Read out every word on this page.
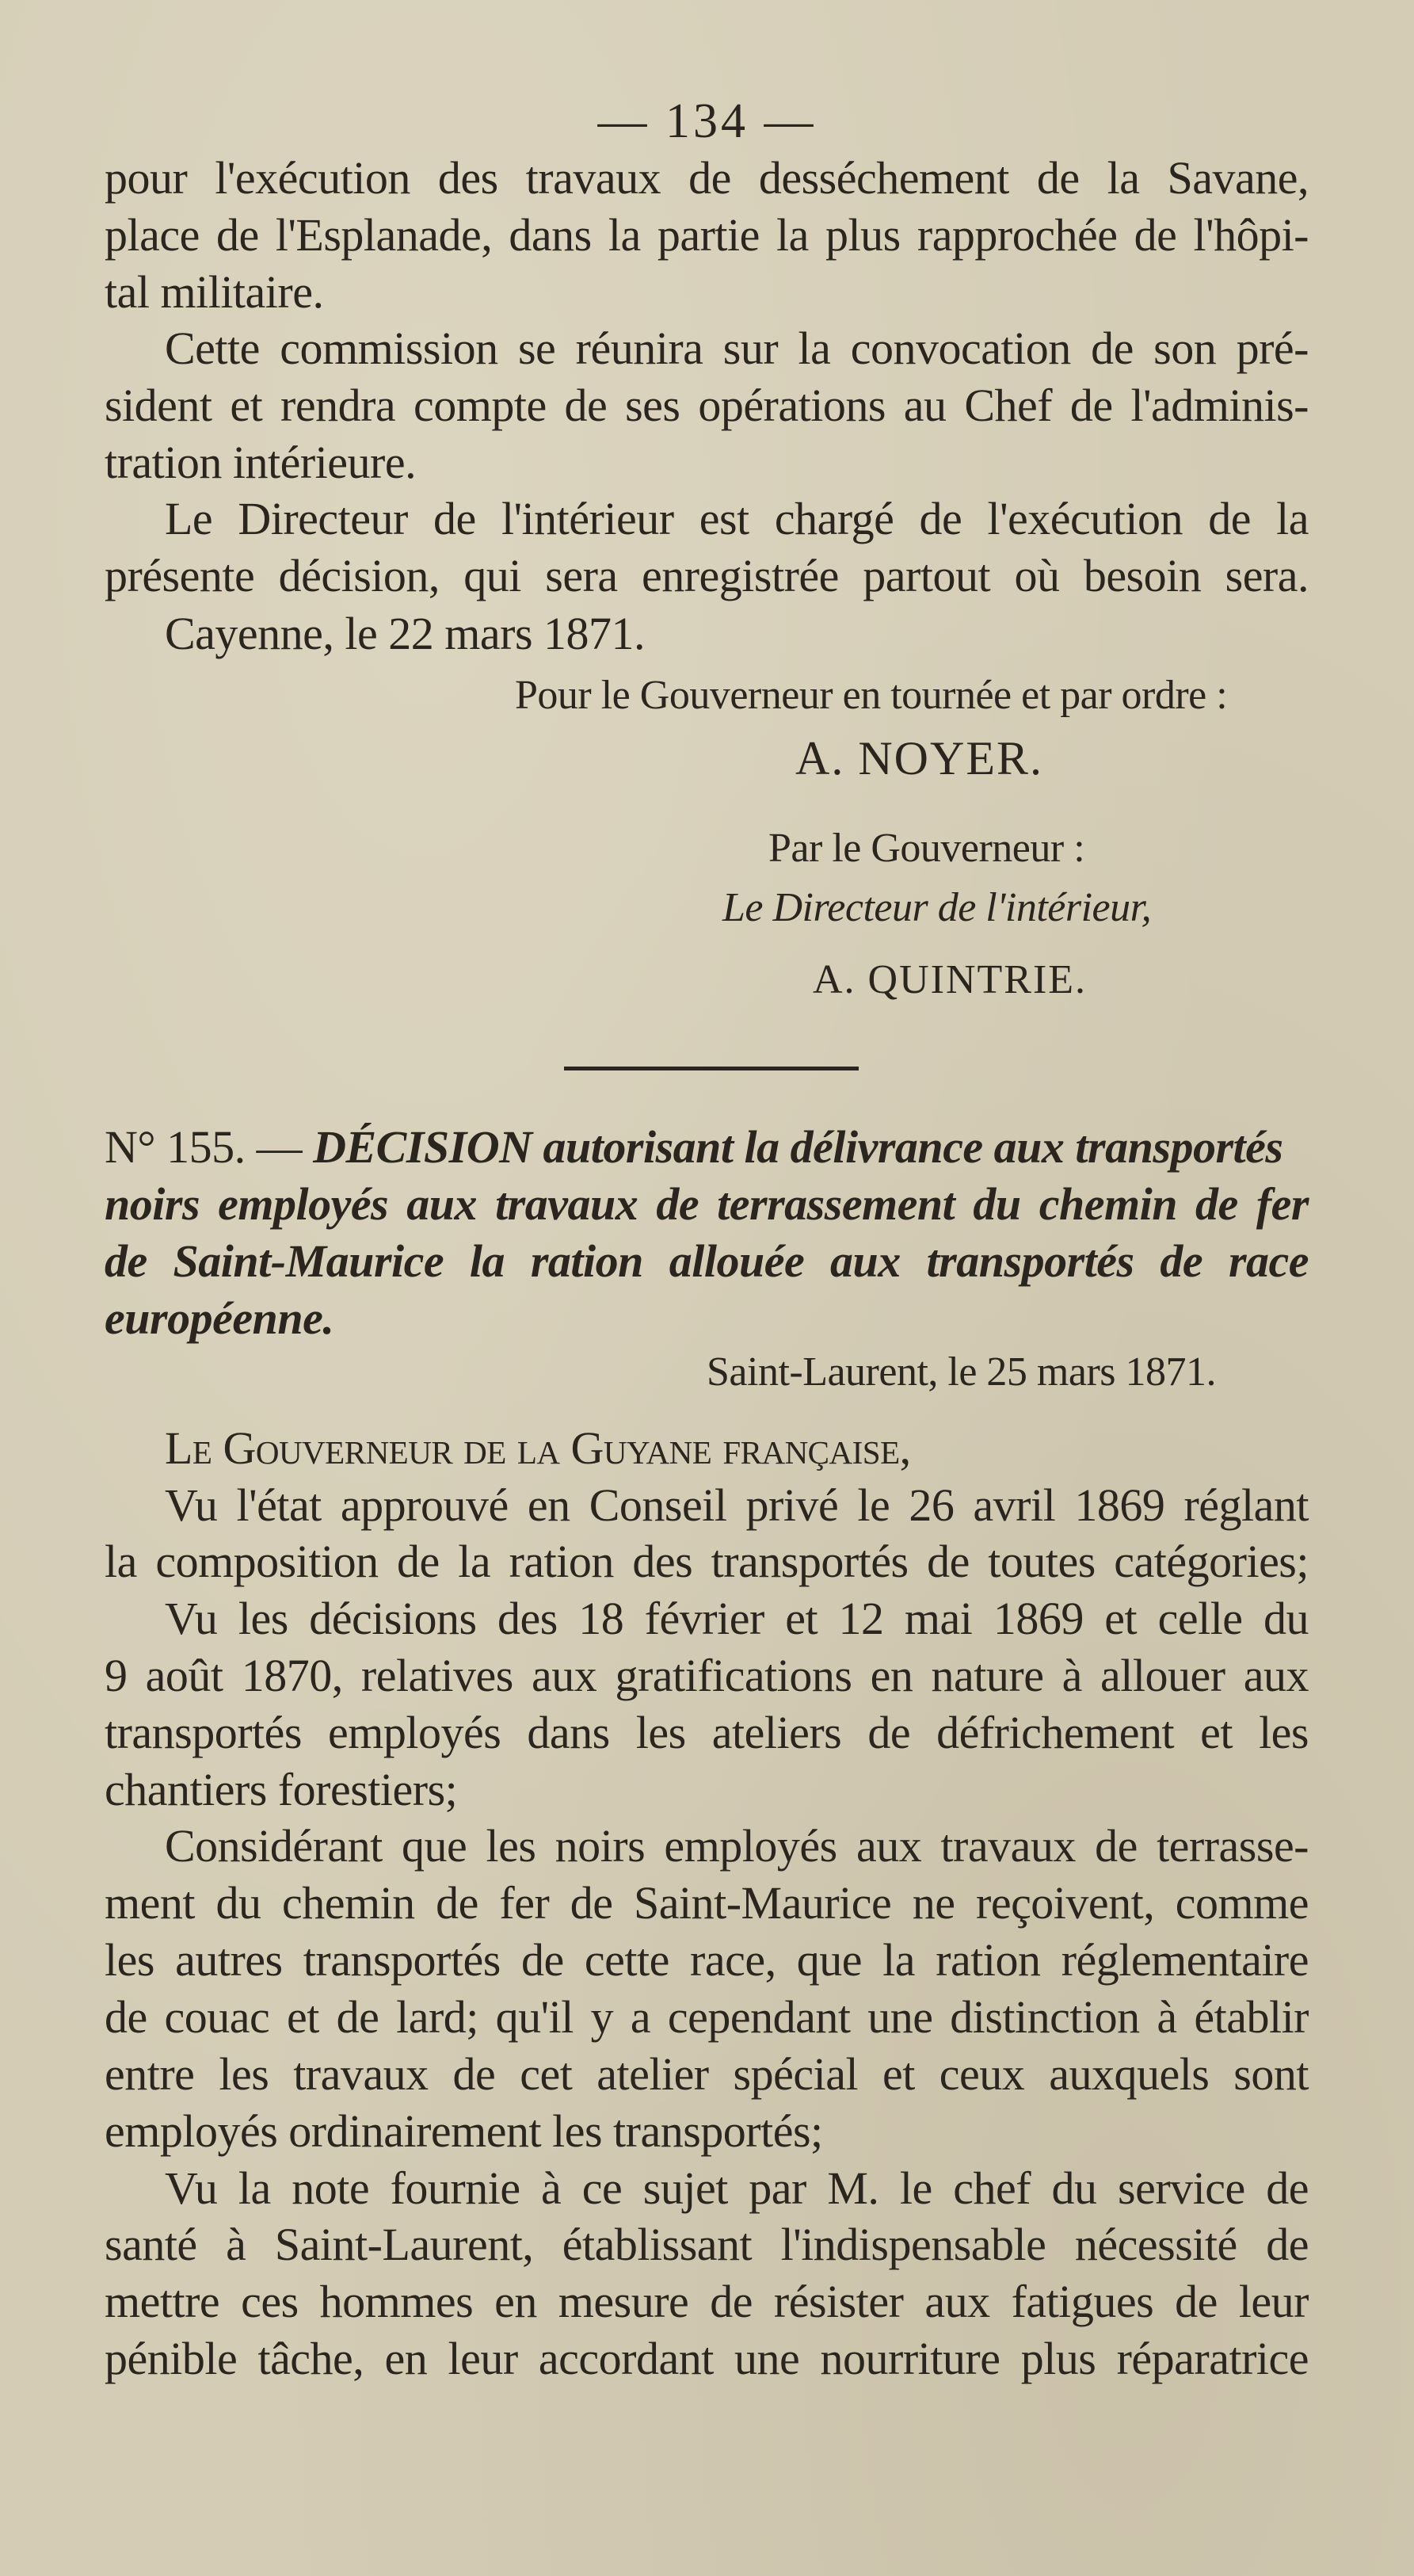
— 134 —
pour l'exécution des travaux de desséchement de la Savane,
place de l'Esplanade, dans la partie la plus rapprochée de l'hôpi-
tal militaire.
Cette commission se réunira sur la convocation de son pré-
sident et rendra compte de ses opérations au Chef de l'adminis-
tration intérieure.
Le Directeur de l'intérieur est chargé de l'exécution de la
présente décision, qui sera enregistrée partout où besoin sera.
Cayenne, le 22 mars 1871.
Pour le Gouverneur en tournée et par ordre :
A. NOYER.
Par le Gouverneur :
Le Directeur de l'intérieur,
A. QUINTRIE.
N° 155. — DÉCISION autorisant la délivrance aux transportés
noirs employés aux travaux de terrassement du chemin de fer
de Saint-Maurice la ration allouée aux transportés de race
européenne.
Saint-Laurent, le 25 mars 1871.
Le Gouverneur de la Guyane française,
Vu l'état approuvé en Conseil privé le 26 avril 1869 réglant
la composition de la ration des transportés de toutes catégories;
Vu les décisions des 18 février et 12 mai 1869 et celle du
9 août 1870, relatives aux gratifications en nature à allouer aux
transportés employés dans les ateliers de défrichement et les
chantiers forestiers;
Considérant que les noirs employés aux travaux de terrasse-
ment du chemin de fer de Saint-Maurice ne reçoivent, comme
les autres transportés de cette race, que la ration réglementaire
de couac et de lard; qu'il y a cependant une distinction à établir
entre les travaux de cet atelier spécial et ceux auxquels sont
employés ordinairement les transportés;
Vu la note fournie à ce sujet par M. le chef du service de
santé à Saint-Laurent, établissant l'indispensable nécessité de
mettre ces hommes en mesure de résister aux fatigues de leur
pénible tâche, en leur accordant une nourriture plus réparatrice
